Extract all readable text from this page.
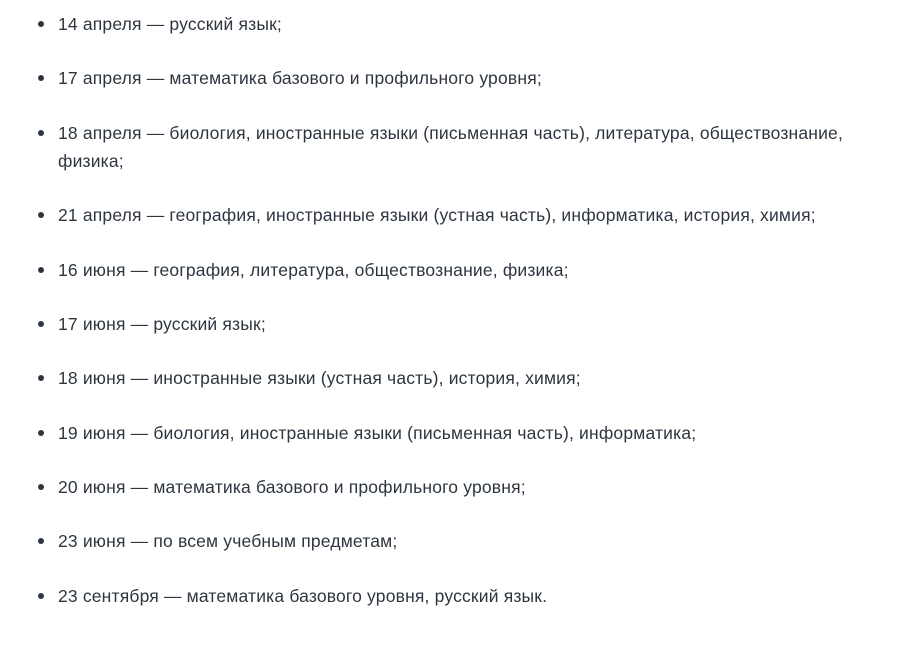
14 апреля — русский язык;
17 апреля — математика базового и профильного уровня;
18 апреля — биология, иностранные языки (письменная часть), литература, обществознание, физика;
21 апреля — география, иностранные языки (устная часть), информатика, история, химия;
16 июня — география, литература, обществознание, физика;
17 июня — русский язык;
18 июня — иностранные языки (устная часть), история, химия;
19 июня — биология, иностранные языки (письменная часть), информатика;
20 июня — математика базового и профильного уровня;
23 июня — по всем учебным предметам;
23 сентября — математика базового уровня, русский язык.
